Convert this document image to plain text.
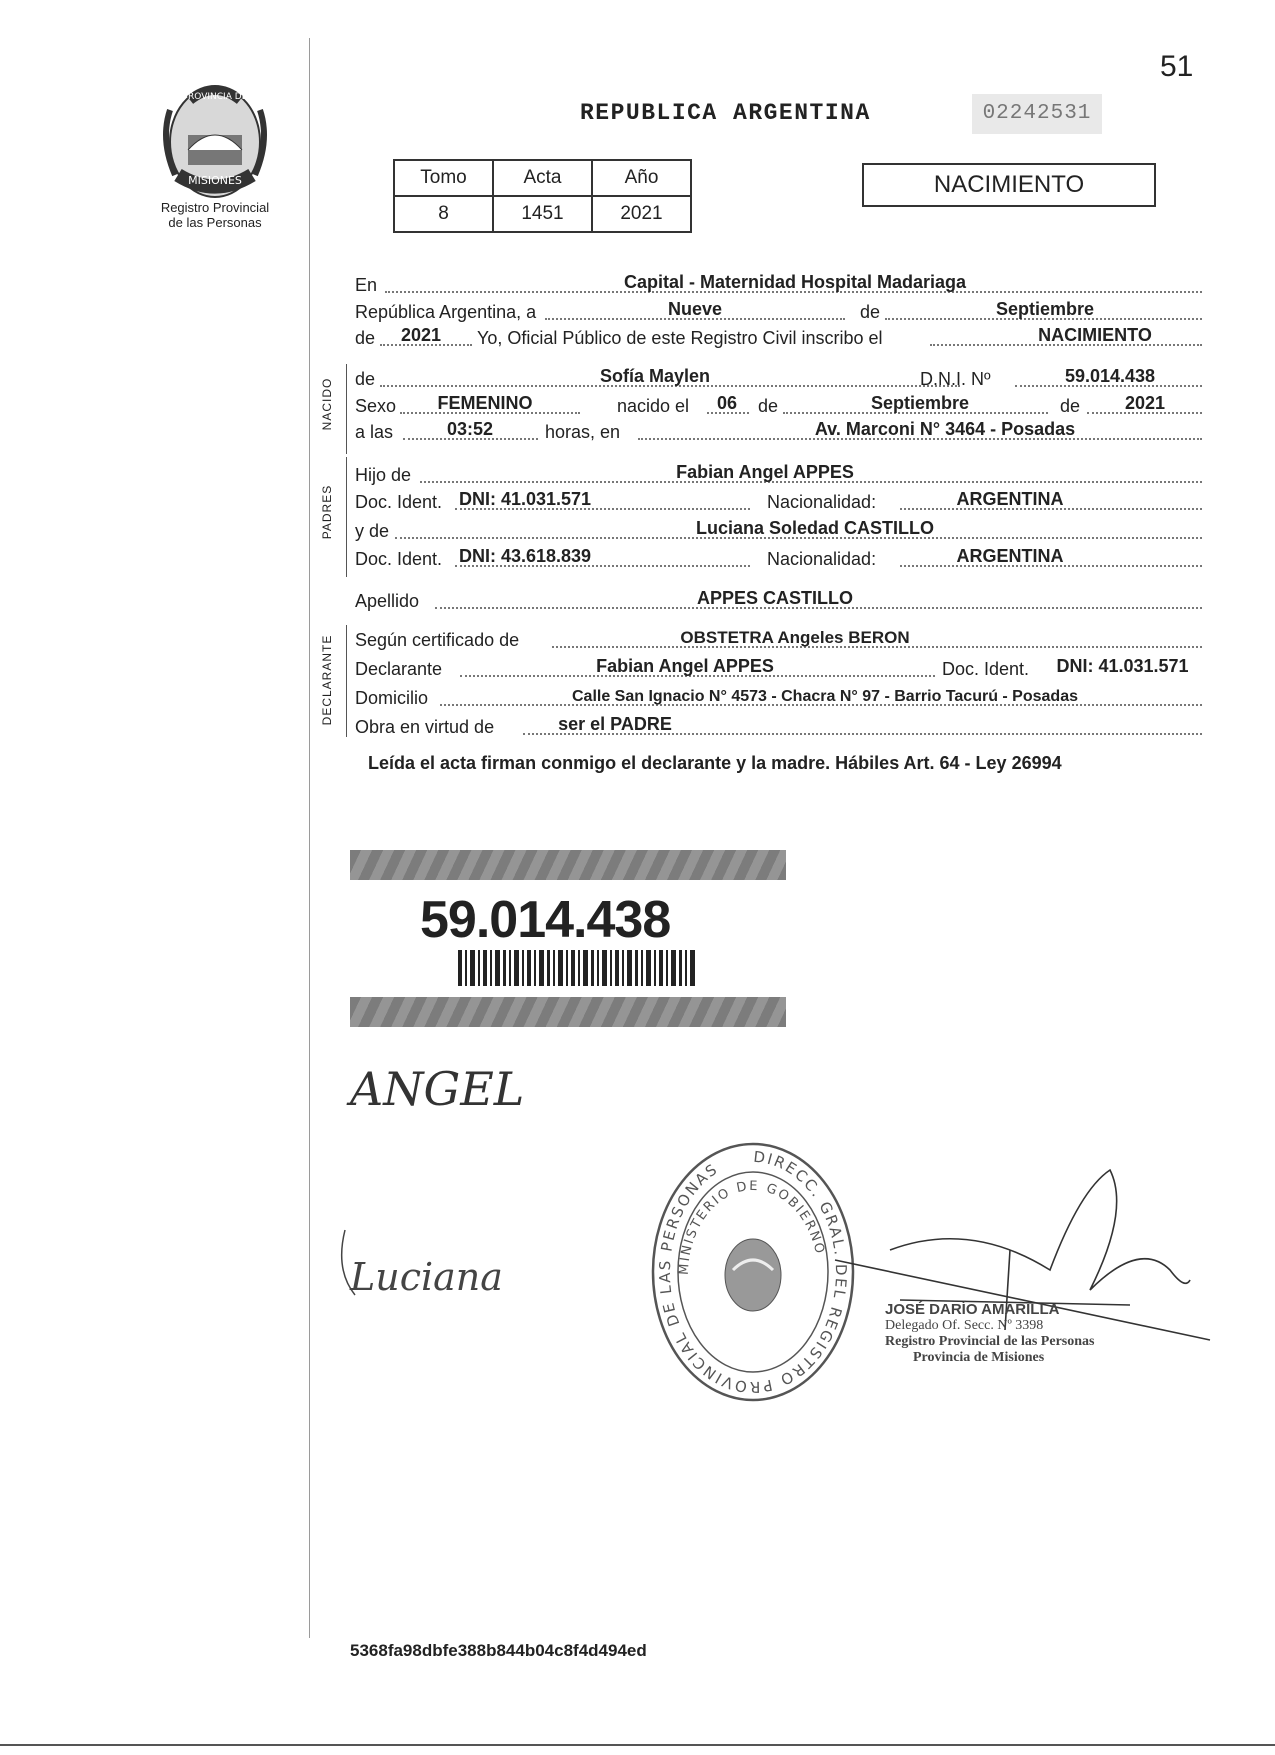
PROVINCIA DE
MISIONES
Registro Provincial
de las Personas
51
REPUBLICA ARGENTINA	02242531
Tomo	Acta	Año
8	1451	2021
NACIMIENTO
En	Capital - Maternidad Hospital Madariaga
República Argentina, a	Nueve	de	Septiembre
de	2021	Yo, Oficial Público de este Registro Civil inscribo el	NACIMIENTO
NACIDO de	Sofía Maylen	D.N.I. Nº	59.014.438
Sexo	FEMENINO	nacido el	06	de	Septiembre	de	2021
a las	03:52	horas, en	Av. Marconi N° 3464 - Posadas
PADRES
Hijo de	Fabian Angel APPES
Doc. Ident. DNI: 41.031.571	Nacionalidad:	ARGENTINA
y de	Luciana Soledad CASTILLO
Doc. Ident. DNI: 43.618.839	Nacionalidad:	ARGENTINA
Apellido	APPES CASTILLO
DECLARANTE Según certificado de	OBSTETRA Angeles BERON
Declarante	Fabian Angel APPES	Doc. Ident.	DNI: 41.031.571
Domicilio	Calle San Ignacio N° 4573 - Chacra N° 97 - Barrio Tacurú - Posadas
Obra en virtud de	ser el PADRE
Leída el acta firman conmigo el declarante y la madre. Hábiles Art. 64 - Ley 26994
59.014.438
ANGEL
Luciana
DIRECC. GRAL. DEL REGISTRO PROVINCIAL DE LAS PERSONAS
MINISTERIO DE GOBIERNO
JOSÉ DARÍO AMARILLA
Delegado Of. Secc. Nº 3398
Registro Provincial de las Personas
Provincia de Misiones
5368fa98dbfe388b844b04c8f4d494ed
